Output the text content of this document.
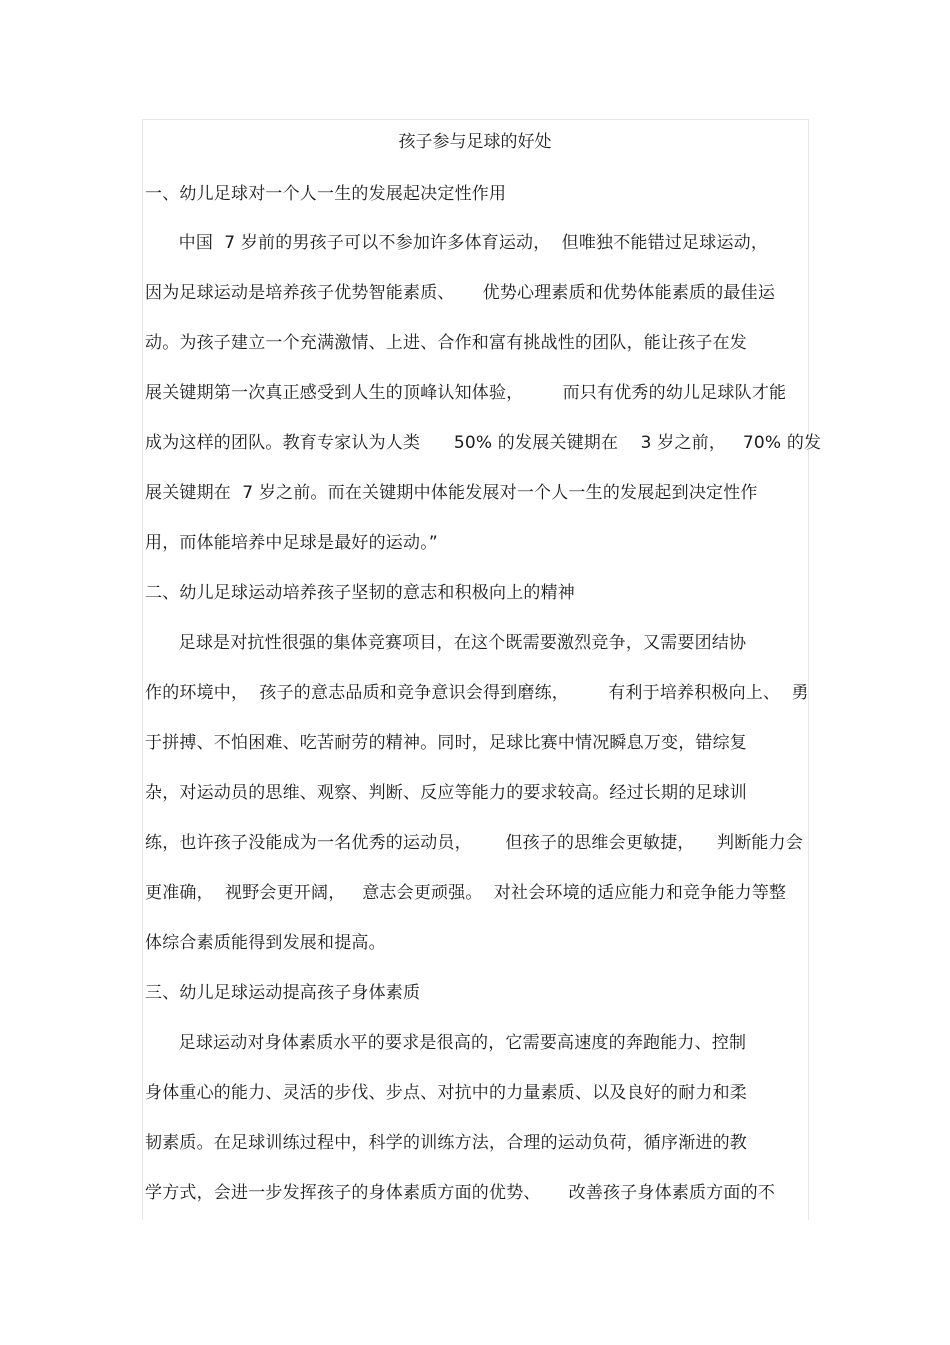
孩子参与足球的好处
一、幼儿足球对一个人一生的发展起决定性作用
中国  7 岁前的男孩子可以不参加许多体育运动，  但唯独不能错过足球运动，
因为足球运动是培养孩子优势智能素质、     优势心理素质和优势体能素质的最佳运
动。为孩子建立一个充满激情、上进、合作和富有挑战性的团队，能让孩子在发
展关键期第一次真正感受到人生的顶峰认知体验，       而只有优秀的幼儿足球队才能
成为这样的团队。教育专家认为人类      50% 的发展关键期在    3 岁之前，   70% 的发
展关键期在  7 岁之前。而在关键期中体能发展对一个人一生的发展起到决定性作
用，而体能培养中足球是最好的运动。”
二、幼儿足球运动培养孩子坚韧的意志和积极向上的精神
足球是对抗性很强的集体竞赛项目，在这个既需要激烈竞争，又需要团结协
作的环境中，  孩子的意志品质和竞争意识会得到磨练，       有利于培养积极向上、  勇
于拼搏、不怕困难、吃苦耐劳的精神。同时，足球比赛中情况瞬息万变，错综复
杂，对运动员的思维、观察、判断、反应等能力的要求较高。经过长期的足球训
练，也许孩子没能成为一名优秀的运动员，      但孩子的思维会更敏捷，    判断能力会
更准确，  视野会更开阔，   意志会更顽强。  对社会环境的适应能力和竞争能力等整
体综合素质能得到发展和提高。
三、幼儿足球运动提高孩子身体素质
足球运动对身体素质水平的要求是很高的，它需要高速度的奔跑能力、控制
身体重心的能力、灵活的步伐、步点、对抗中的力量素质、以及良好的耐力和柔
韧素质。在足球训练过程中，科学的训练方法，合理的运动负荷，循序渐进的教
学方式，会进一步发挥孩子的身体素质方面的优势、     改善孩子身体素质方面的不
